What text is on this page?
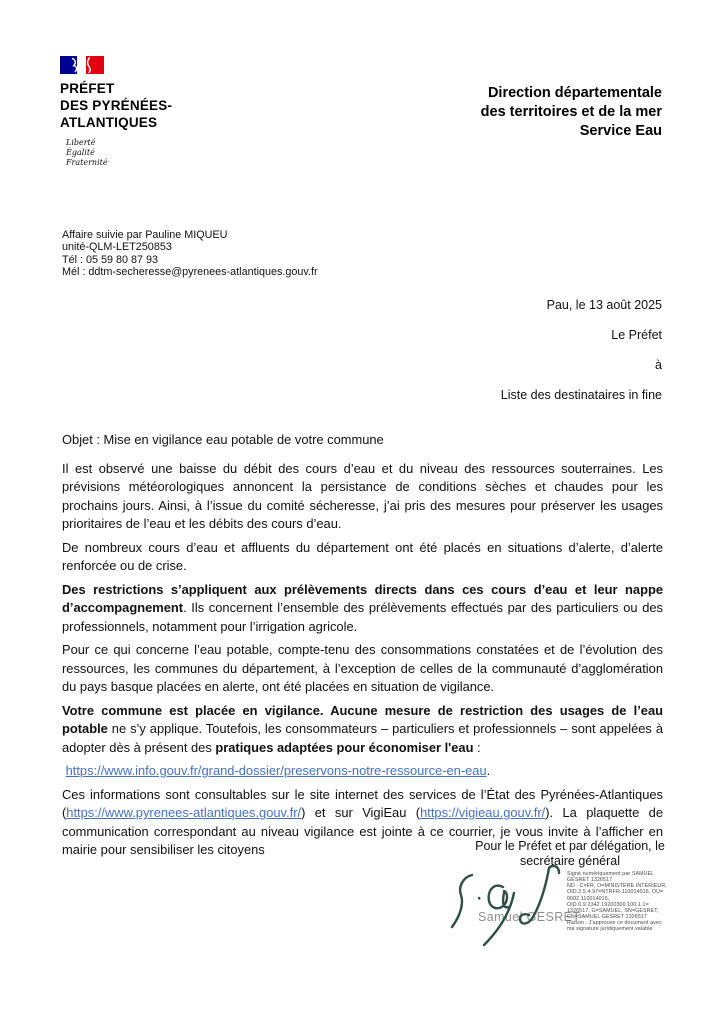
PRÉFET
DES PYRÉNÉES-
ATLANTIQUES
Liberté
Égalité
Fraternité
Direction départementale
des territoires et de la mer
Service Eau
Affaire suivie par Pauline MIQUEU
unité-QLM-LET250853
Tél : 05 59 80 87 93
Mél : ddtm-secheresse@pyrenees-atlantiques.gouv.fr
Pau, le 13 août 2025
Le Préfet
à
Liste des destinataires in fine

Objet : Mise en vigilance eau potable de votre commune

Il est observé une baisse du débit des cours d’eau et du niveau des ressources souterraines. Les prévisions météorologiques annoncent la persistance de conditions sèches et chaudes pour les prochains jours. Ainsi, à l’issue du comité sécheresse, j’ai pris des mesures pour préserver les usages prioritaires de l’eau et les débits des cours d’eau.

De nombreux cours d’eau et affluents du département ont été placés en situations d’alerte, d’alerte renforcée ou de crise.

Des restrictions s’appliquent aux prélèvements directs dans ces cours d’eau et leur nappe d’accompagnement. Ils concernent l’ensemble des prélèvements effectués par des particuliers ou des professionnels, notamment pour l’irrigation agricole.

Pour ce qui concerne l’eau potable, compte-tenu des consommations constatées et de l’évolution des ressources, les communes du département, à l’exception de celles de la communauté d’agglomération du pays basque placées en alerte, ont été placées en situation de vigilance.

Votre commune est placée en vigilance. Aucune mesure de restriction des usages de l’eau potable ne s’y applique. Toutefois, les consommateurs – particuliers et professionnels – sont appelées à adopter dès à présent des pratiques adaptées pour économiser l'eau :

https://www.info.gouv.fr/grand-dossier/preservons-notre-ressource-en-eau.

Ces informations sont consultables sur le site internet des services de l’État des Pyrénées-Atlantiques (https://www.pyrenees-atlantiques.gouv.fr/) et sur VigiEau (https://vigieau.gouv.fr/). La plaquette de communication correspondant au niveau vigilance est jointe à ce courrier, je vous invite à l’afficher en mairie pour sensibiliser les citoyens	Pour le Préfet et par délégation, le
secrétaire général
Samuel GESRET
Signé numériquement par SAMUEL
GESRET 1326517
ND : C=FR, O=MINISTERE INTERIEUR,
OID.2.5.4.97=NTRFR-110014016, OU=
0002 110014016,
OID.0.9.2342.19200300.100.1.1=
1326517, G=SAMUEL, SN=GESRET,
CN=SAMUEL GESRET 1326517
Raison : J'approuve ce document avec
ma signature juridiquement valable
